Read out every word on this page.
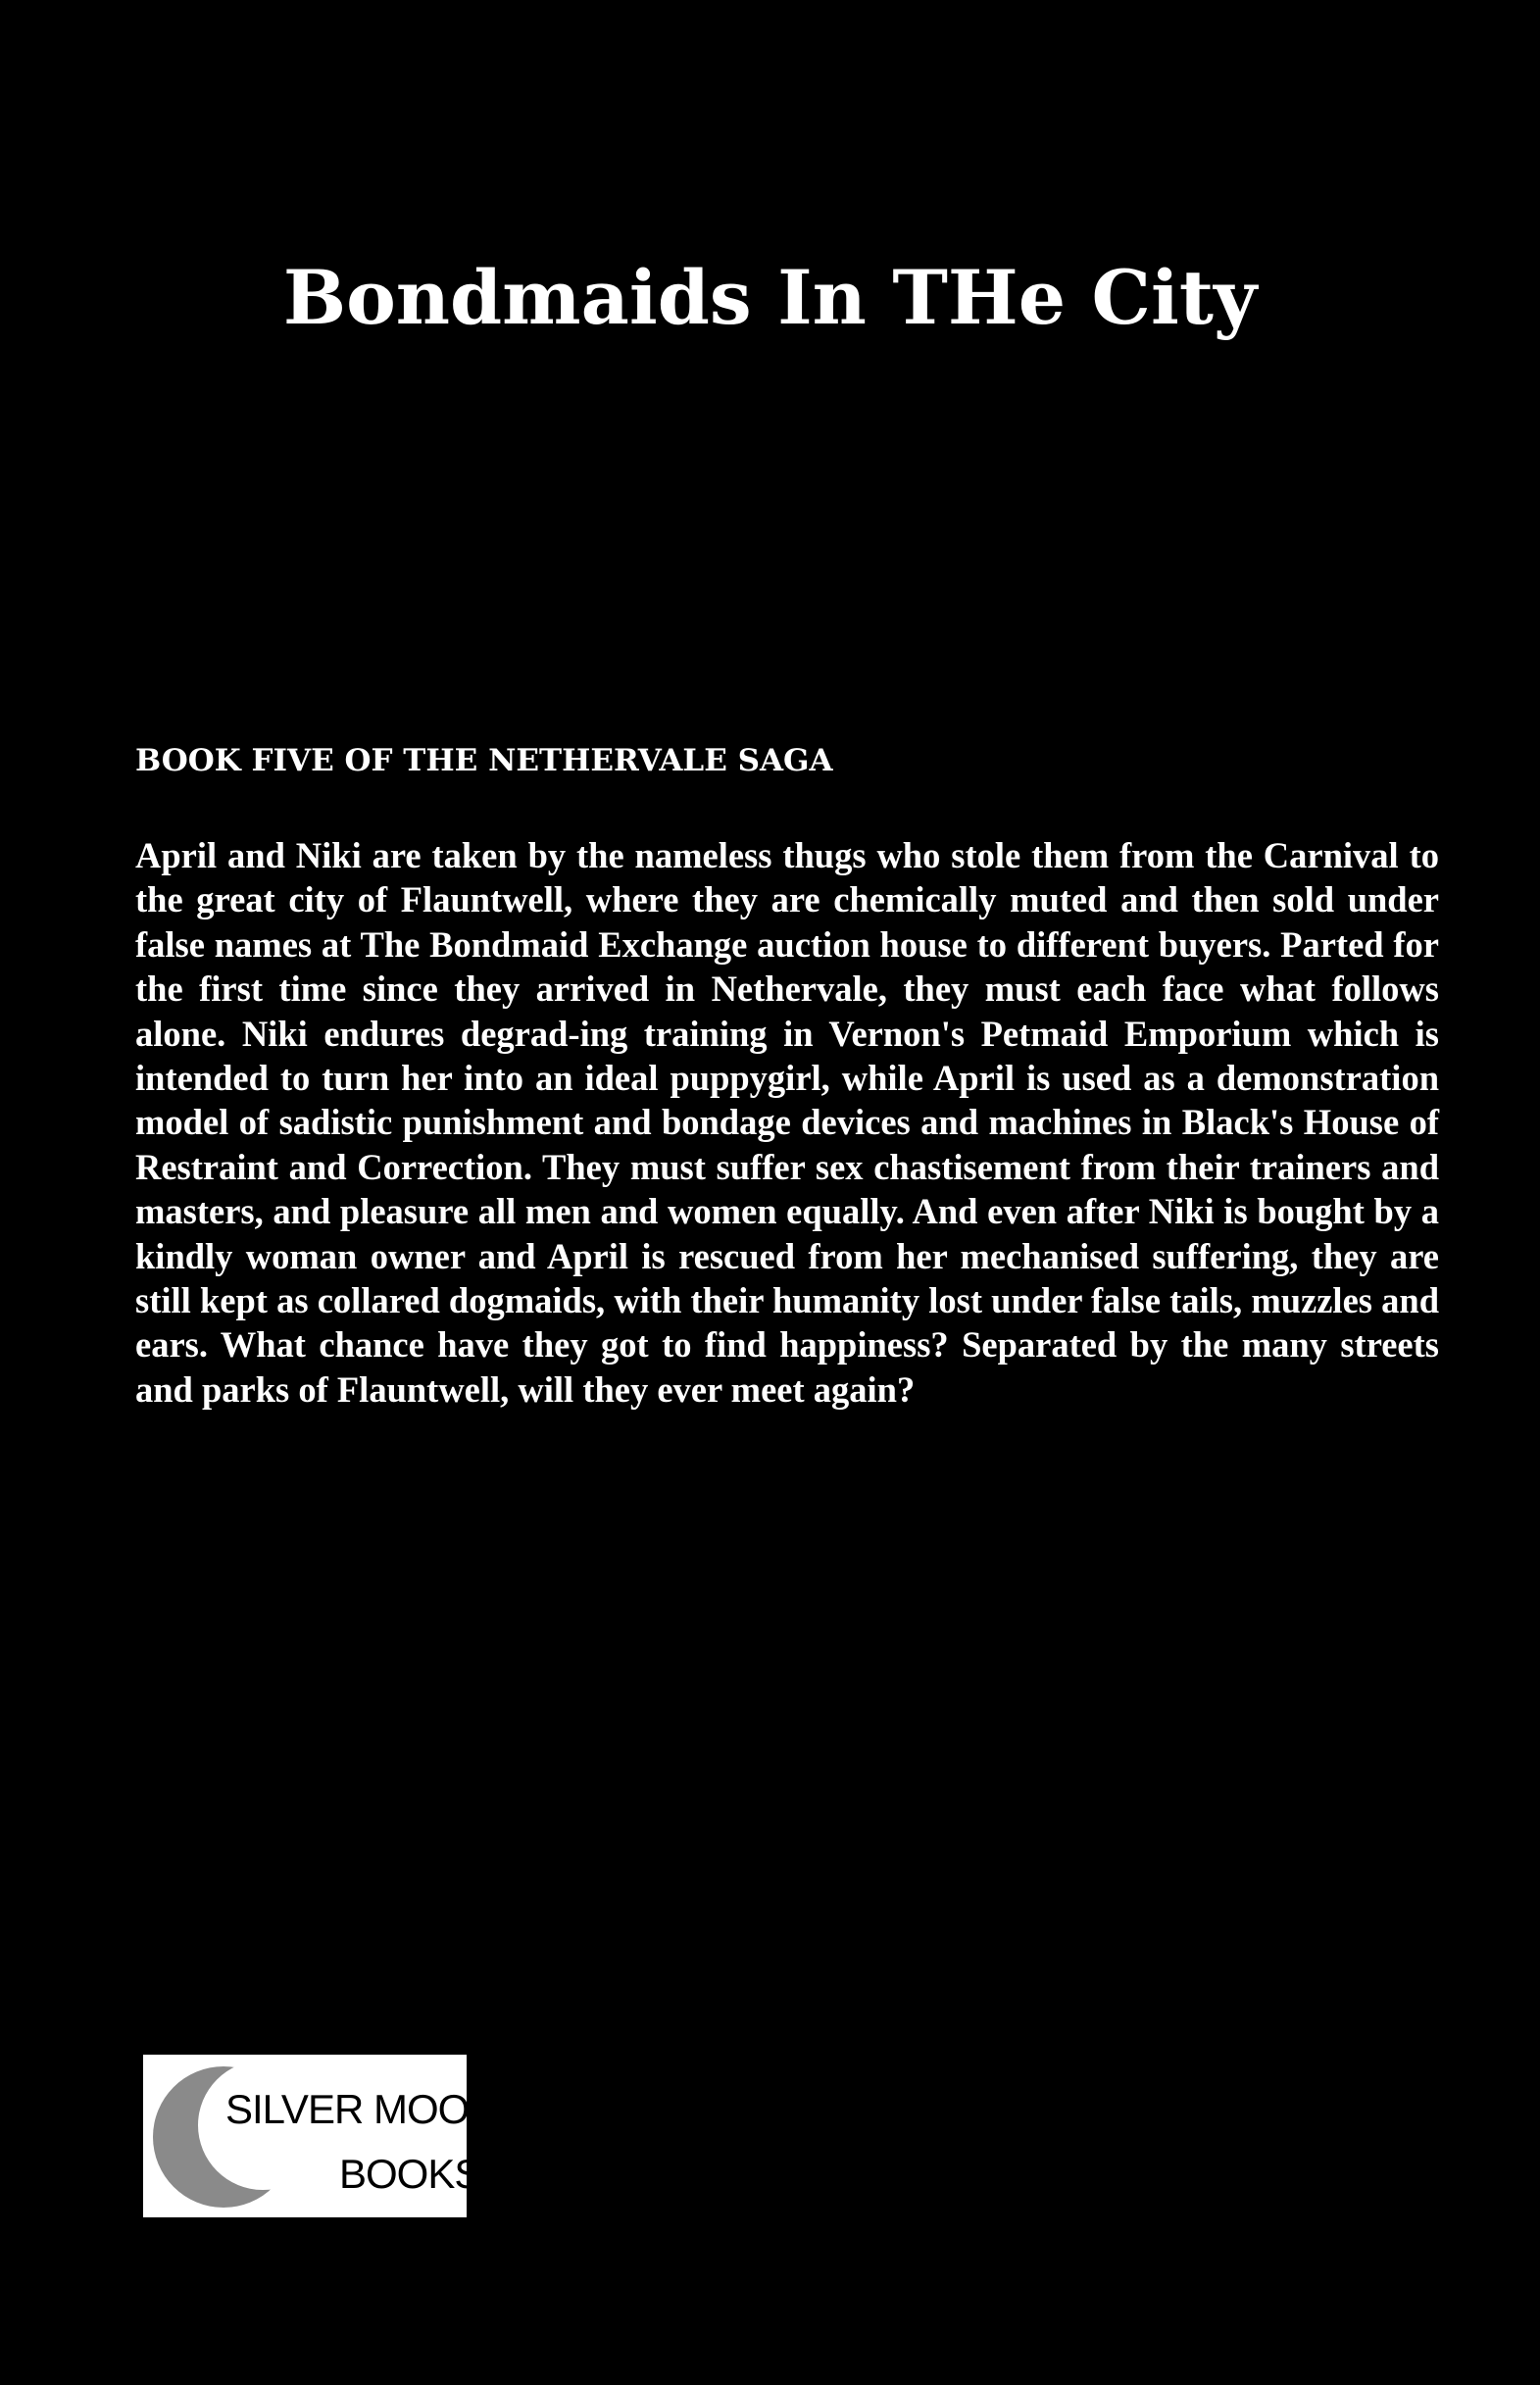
Bondmaids In THe City

BOOK FIVE OF THE NETHERVALE SAGA

April and Niki are taken by the nameless thugs who stole them from the Carnival to the great city of Flauntwell, where they are chemically muted and then sold under false names at The Bondmaid Exchange auction house to different buyers. Parted for the first time since they arrived in Nethervale, they must each face what follows alone. Niki endures degrad-ing training in Vernon's Petmaid Emporium which is intended to turn her into an ideal puppygirl, while April is used as a demonstration model of sadistic punishment and bondage devices and machines in Black's House of Restraint and Correction. They must suffer sex chastisement from their trainers and masters, and pleasure all men and women equally. And even after Niki is bought by a kindly woman owner and April is rescued from her mechanised suffering, they are still kept as collared dogmaids, with their humanity lost under false tails, muzzles and ears. What chance have they got to find happiness? Separated by the many streets and parks of Flauntwell, will they ever meet again?

SILVER MOON
BOOKS
